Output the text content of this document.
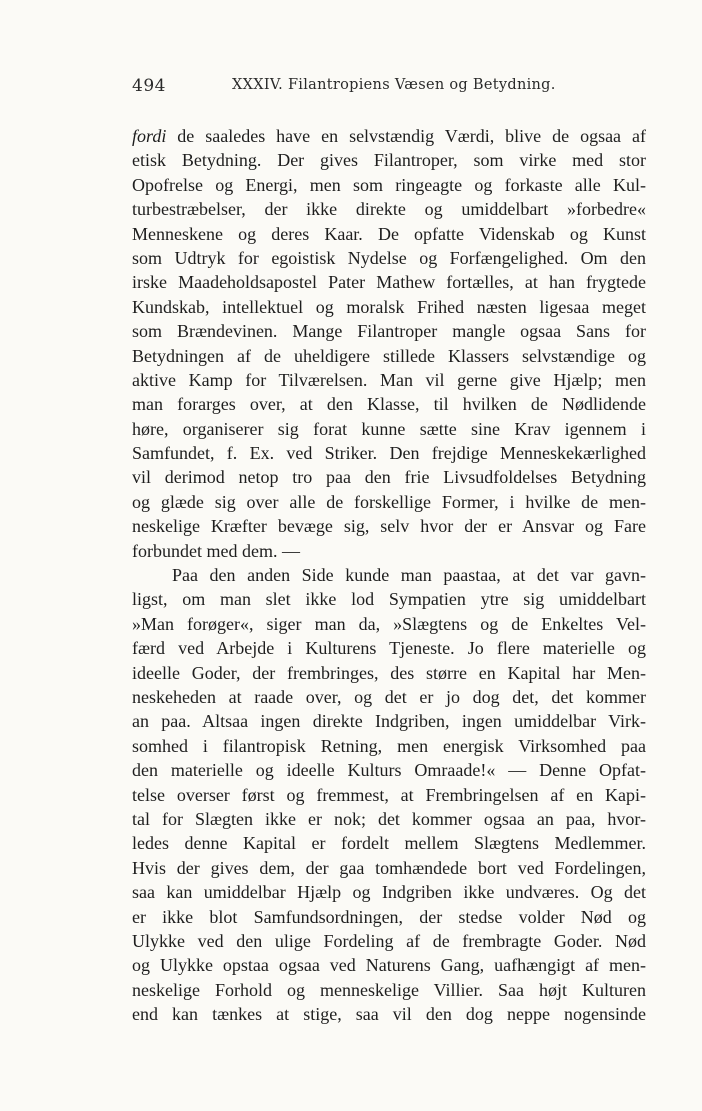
494	XXXIV. Filantropiens Væsen og Betydning.
fordi de saaledes have en selvstændig Værdi, blive de ogsaa af
etisk Betydning. Der gives Filantroper, som virke med stor
Opofrelse og Energi, men som ringeagte og forkaste alle Kul-
turbestræbelser, der ikke direkte og umiddelbart »forbedre«
Menneskene og deres Kaar. De opfatte Videnskab og Kunst
som Udtryk for egoistisk Nydelse og Forfængelighed. Om den
irske Maadeholdsapostel Pater Mathew fortælles, at han frygtede
Kundskab, intellektuel og moralsk Frihed næsten ligesaa meget
som Brændevinen. Mange Filantroper mangle ogsaa Sans for
Betydningen af de uheldigere stillede Klassers selvstændige og
aktive Kamp for Tilværelsen. Man vil gerne give Hjælp; men
man forarges over, at den Klasse, til hvilken de Nødlidende
høre, organiserer sig forat kunne sætte sine Krav igennem i
Samfundet, f. Ex. ved Striker. Den frejdige Menneskekærlighed
vil derimod netop tro paa den frie Livsudfoldelses Betydning
og glæde sig over alle de forskellige Former, i hvilke de men-
neskelige Kræfter bevæge sig, selv hvor der er Ansvar og Fare
forbundet med dem. —
Paa den anden Side kunde man paastaa, at det var gavn-
ligst, om man slet ikke lod Sympatien ytre sig umiddelbart
»Man forøger«, siger man da, »Slægtens og de Enkeltes Vel-
færd ved Arbejde i Kulturens Tjeneste. Jo flere materielle og
ideelle Goder, der frembringes, des større en Kapital har Men-
neskeheden at raade over, og det er jo dog det, det kommer
an paa. Altsaa ingen direkte Indgriben, ingen umiddelbar Virk-
somhed i filantropisk Retning, men energisk Virksomhed paa
den materielle og ideelle Kulturs Omraade!« — Denne Opfat-
telse overser først og fremmest, at Frembringelsen af en Kapi-
tal for Slægten ikke er nok; det kommer ogsaa an paa, hvor-
ledes denne Kapital er fordelt mellem Slægtens Medlemmer.
Hvis der gives dem, der gaa tomhændede bort ved Fordelingen,
saa kan umiddelbar Hjælp og Indgriben ikke undværes. Og det
er ikke blot Samfundsordningen, der stedse volder Nød og
Ulykke ved den ulige Fordeling af de frembragte Goder. Nød
og Ulykke opstaa ogsaa ved Naturens Gang, uafhængigt af men-
neskelige Forhold og menneskelige Villier. Saa højt Kulturen
end kan tænkes at stige, saa vil den dog neppe nogensinde
